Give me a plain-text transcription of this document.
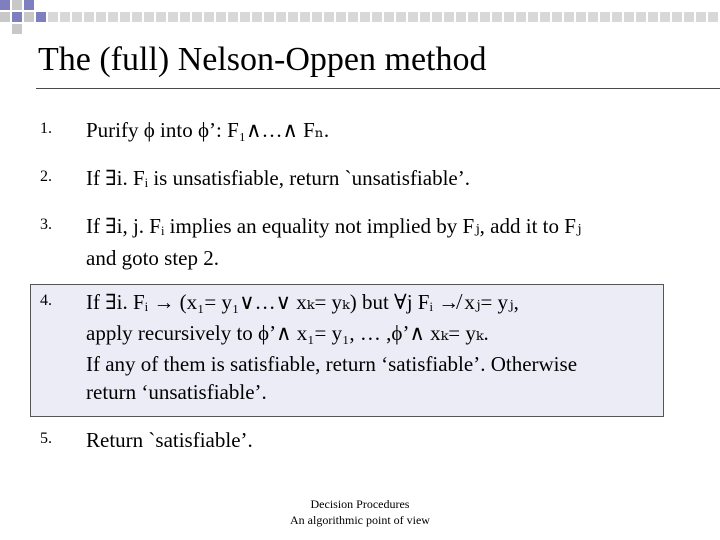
The (full) Nelson-Oppen method
1. Purify ϕ into ϕ’: F₁∧…∧ Fₙ.
2. If ∃i. Fᵢ is unsatisfiable, return `unsatisfiable’.
3. If ∃i, j. Fᵢ implies an equality not implied by Fⱼ, add it to Fⱼ
and goto step 2.
4. If ∃i. Fᵢ → (x₁= y₁∨…∨ xₖ= yₖ) but ∀j Fᵢ ↛ xⱼ= yⱼ,
apply recursively to ϕ’∧ x₁= y₁, … ,ϕ’∧ xₖ= yₖ.
If any of them is satisfiable, return ‘satisfiable’. Otherwise
return ‘unsatisfiable’.
5. Return `satisfiable’.
Decision Procedures
An algorithmic point of view
